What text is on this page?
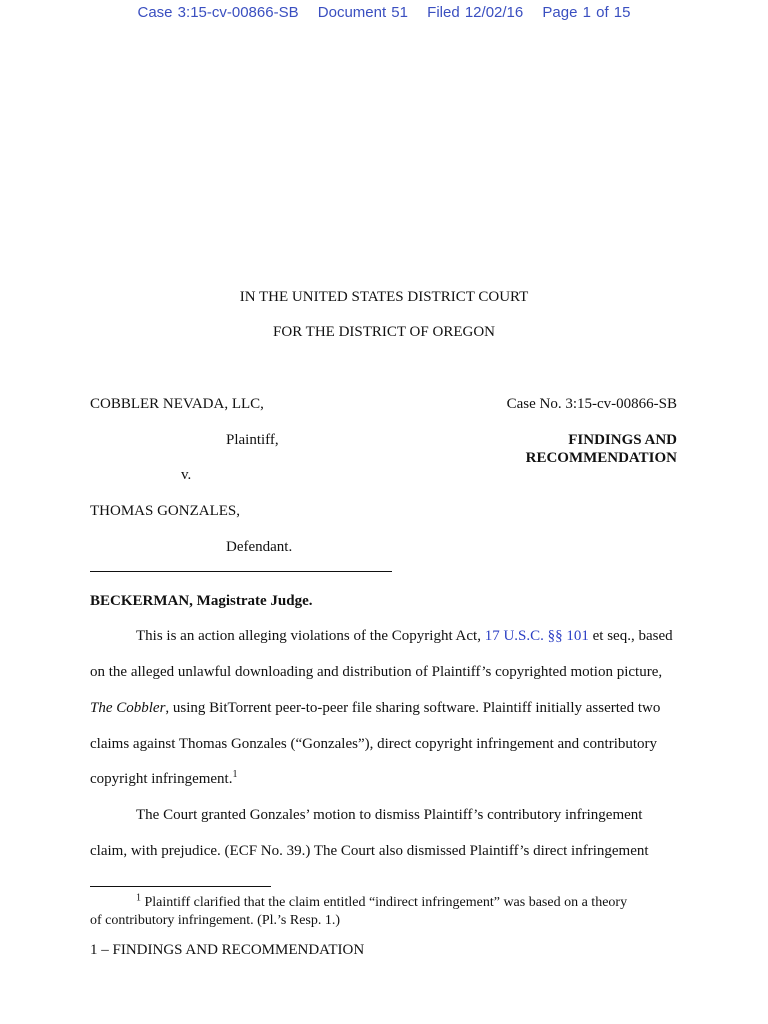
Case 3:15-cv-00866-SB Document 51 Filed 12/02/16 Page 1 of 15
IN THE UNITED STATES DISTRICT COURT
FOR THE DISTRICT OF OREGON
COBBLER NEVADA, LLC,	Case No. 3:15-cv-00866-SB
Plaintiff,	FINDINGS AND
RECOMMENDATION
v.
THOMAS GONZALES,
Defendant.
BECKERMAN, Magistrate Judge.
This is an action alleging violations of the Copyright Act, 17 U.S.C. §§ 101 et seq., based
on the alleged unlawful downloading and distribution of Plaintiff’s copyrighted motion picture,
The Cobbler, using BitTorrent peer-to-peer file sharing software. Plaintiff initially asserted two
claims against Thomas Gonzales (“Gonzales”), direct copyright infringement and contributory
copyright infringement.$^1$
The Court granted Gonzales’ motion to dismiss Plaintiff’s contributory infringement
claim, with prejudice. (ECF No. 39.) The Court also dismissed Plaintiff’s direct infringement
$^1$ Plaintiff clarified that the claim entitled “indirect infringement” was based on a theory
of contributory infringement. (Pl.’s Resp. 1.)
1 – FINDINGS AND RECOMMENDATION
